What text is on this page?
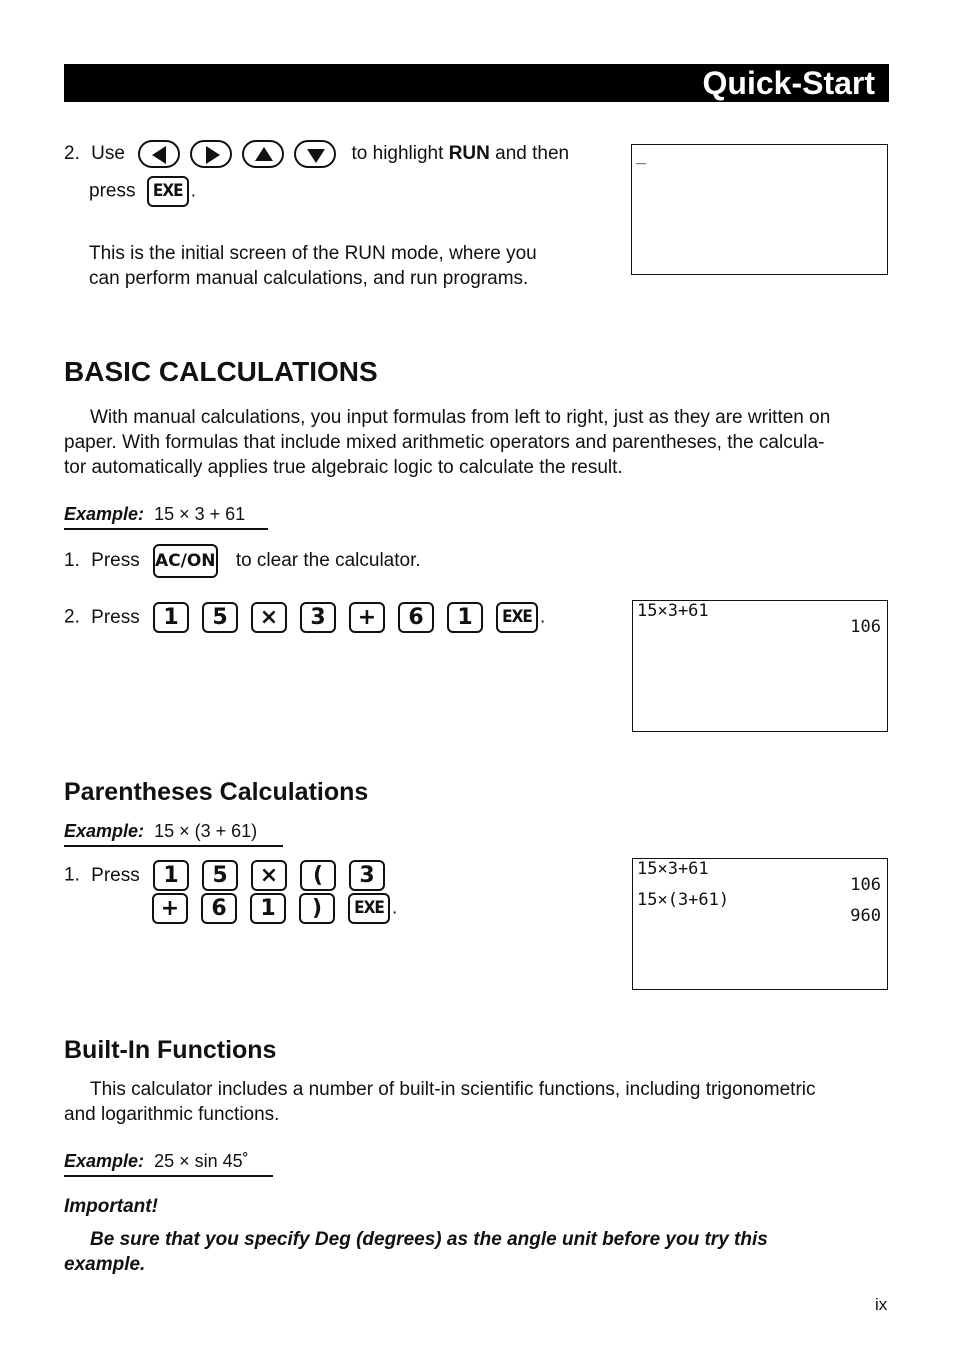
Quick-Start
2. Use	to highlight RUN and then
press EXE .
This is the initial screen of the RUN mode, where you
can perform manual calculations, and run programs.
_
BASIC CALCULATIONS
With manual calculations, you input formulas from left to right, just as they are written on
paper. With formulas that include mixed arithmetic operators and parentheses, the calcula-
tor automatically applies true algebraic logic to calculate the result.
Example: 15 × 3 + 61
1. Press AC/ON to clear the calculator.
2. Press 1 5 × 3 + 6 1 EXE .	15×3+61
106
Parentheses Calculations
Example: 15 × (3 + 61)
1. Press 1 5 × ( 3
+ 6 1 ) EXE .
15×3+61
106
15×(3+61)
960
Built-In Functions
This calculator includes a number of built-in scientific functions, including trigonometric
and logarithmic functions.
Example: 25 × sin 45˚
Important!
Be sure that you specify Deg (degrees) as the angle unit before you try this
example.
ix
